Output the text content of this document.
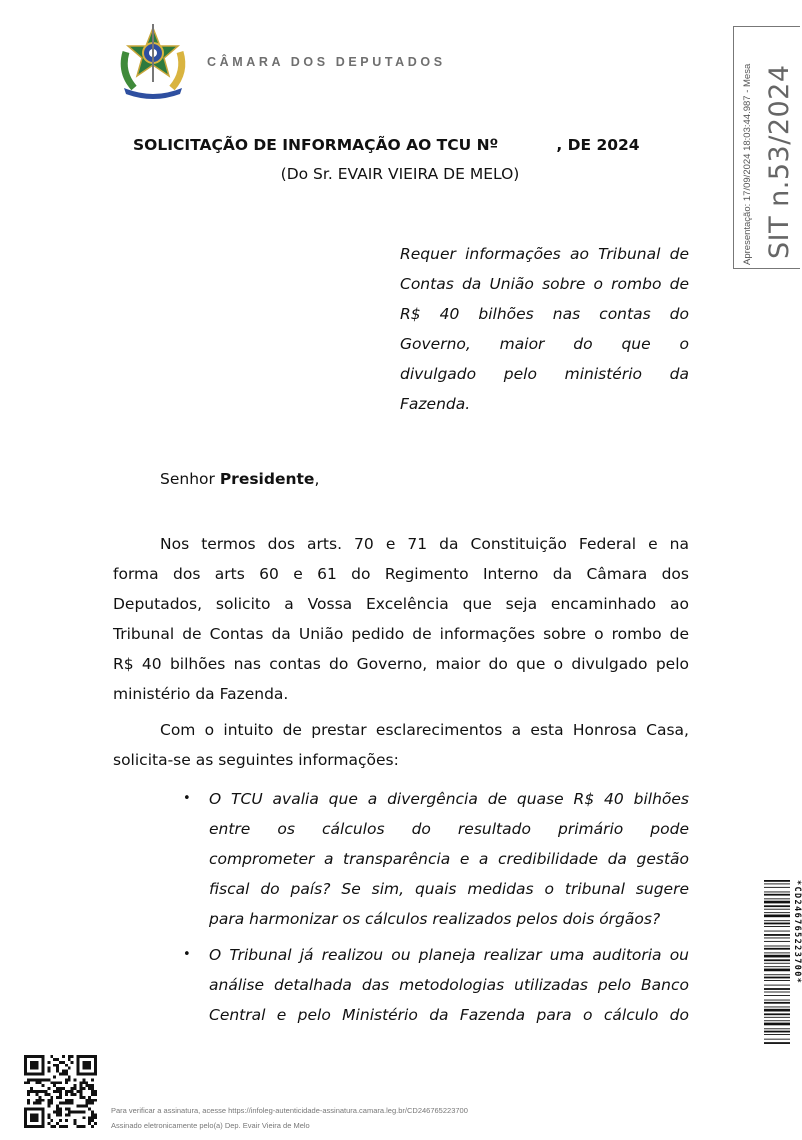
CÂMARA DOS DEPUTADOS
Apresentação: 17/09/2024 18:03:44.987 - Mesa SIT n.53/2024
SOLICITAÇÃO DE INFORMAÇÃO AO TCU Nº	, DE 2024
(Do Sr. EVAIR VIEIRA DE MELO)
Requer informações ao Tribunal de
Contas da União sobre o rombo de
R$ 40 bilhões nas contas do
Governo, maior do que o
divulgado pelo ministério da
Fazenda.
Senhor Presidente,
Nos termos dos arts. 70 e 71 da Constituição Federal e na
forma dos arts 60 e 61 do Regimento Interno da Câmara dos
Deputados, solicito a Vossa Excelência que seja encaminhado ao
Tribunal de Contas da União pedido de informações sobre o rombo de
R$ 40 bilhões nas contas do Governo, maior do que o divulgado pelo
ministério da Fazenda.
Com o intuito de prestar esclarecimentos a esta Honrosa Casa,
solicita-se as seguintes informações:
• O TCU avalia que a divergência de quase R$ 40 bilhões
entre os cálculos do resultado primário pode
comprometer a transparência e a credibilidade da gestão
fiscal do país? Se sim, quais medidas o tribunal sugere
para harmonizar os cálculos realizados pelos dois órgãos?
• O Tribunal já realizou ou planeja realizar uma auditoria ou
análise detalhada das metodologias utilizadas pelo Banco
Central e pelo Ministério da Fazenda para o cálculo do
*CD246765223700*
Para verificar a assinatura, acesse https://infoleg-autenticidade-assinatura.camara.leg.br/CD246765223700
Assinado eletronicamente pelo(a) Dep. Evair Vieira de Melo
